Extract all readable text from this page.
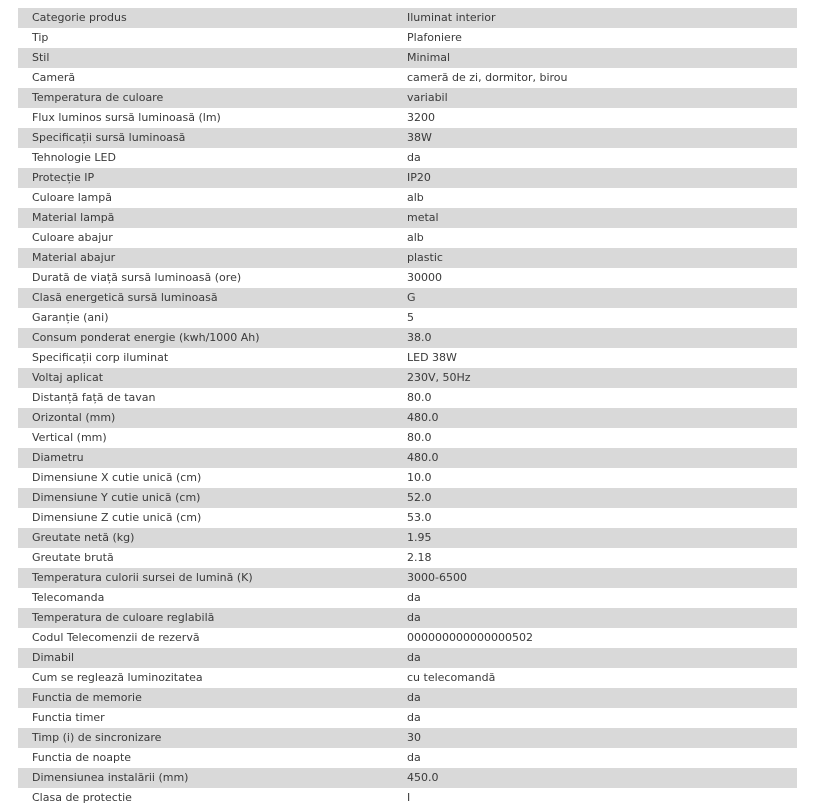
Categorie produs	Iluminat interior
Tip	Plafoniere
Stil	Minimal
Cameră	cameră de zi, dormitor, birou
Temperatura de culoare	variabil
Flux luminos sursă luminoasă (lm)	3200
Specificații sursă luminoasă	38W
Tehnologie LED	da
Protecție IP	IP20
Culoare lampă	alb
Material lampă	metal
Culoare abajur	alb
Material abajur	plastic
Durată de viață sursă luminoasă (ore)	30000
Clasă energetică sursă luminoasă	G
Garanție (ani)	5
Consum ponderat energie (kwh/1000 Ah)	38.0
Specificații corp iluminat	LED 38W
Voltaj aplicat	230V, 50Hz
Distanță față de tavan	80.0
Orizontal (mm)	480.0
Vertical (mm)	80.0
Diametru	480.0
Dimensiune X cutie unică (cm)	10.0
Dimensiune Y cutie unică (cm)	52.0
Dimensiune Z cutie unică (cm)	53.0
Greutate netă (kg)	1.95
Greutate brută	2.18
Temperatura culorii sursei de lumină (K)	3000-6500
Telecomanda	da
Temperatura de culoare reglabilă	da
Codul Telecomenzii de rezervă	000000000000000502
Dimabil	da
Cum se reglează luminozitatea	cu telecomandă
Functia de memorie	da
Functia timer	da
Timp (i) de sincronizare	30
Functia de noapte	da
Dimensiunea instalării (mm)	450.0
Clasa de protectie	I
